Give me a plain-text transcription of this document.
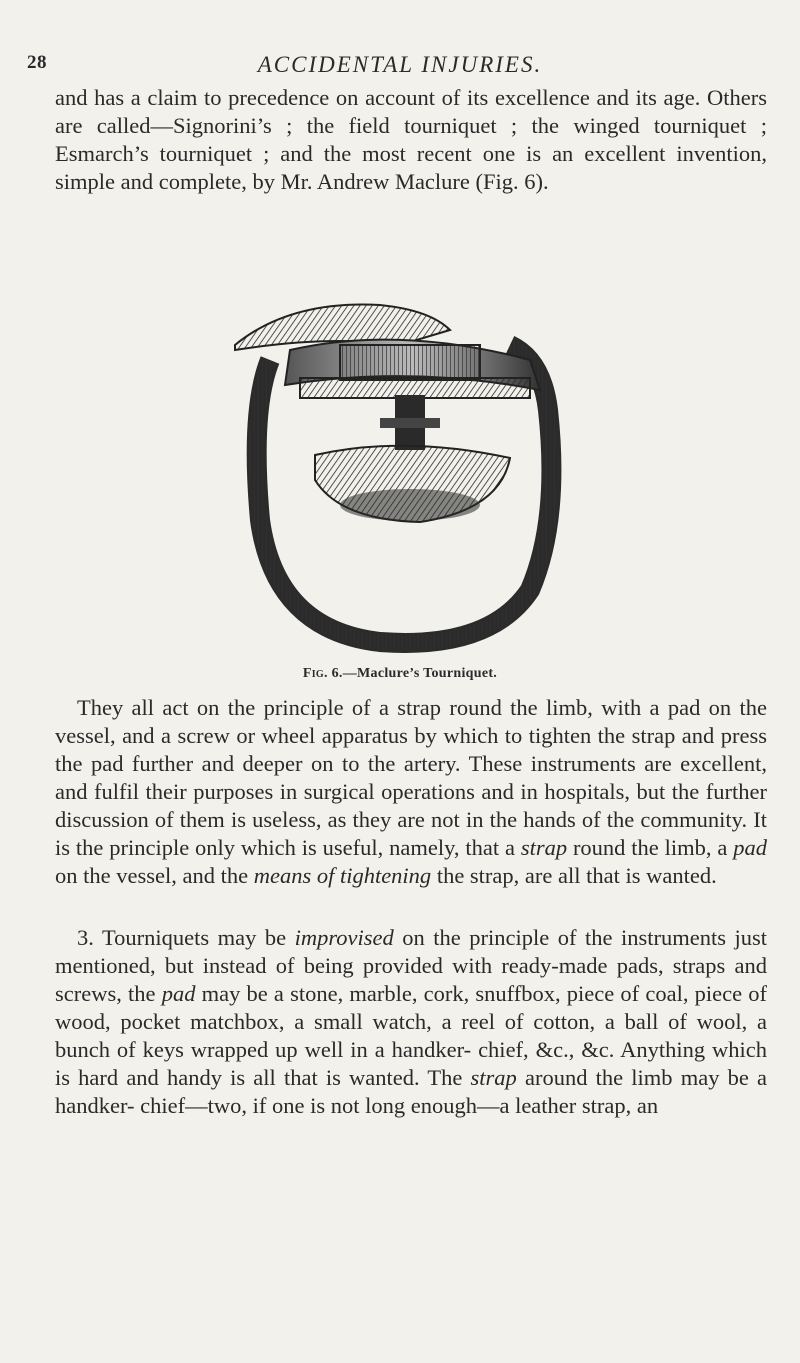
28	ACCIDENTAL INJURIES.

and has a claim to precedence on account of its excellence and its age. Others are called—Signorini’s ; the field tourniquet ; the winged tourniquet ; Esmarch’s tourniquet ; and the most recent one is an excellent invention, simple and complete, by Mr. Andrew Maclure (Fig. 6).

Fig. 6.—Maclure’s Tourniquet.

They all act on the principle of a strap round the limb, with a pad on the vessel, and a screw or wheel apparatus by which to tighten the strap and press the pad further and deeper on to the artery. These instruments are excellent, and fulfil their purposes in surgical operations and in hospitals, but the further discussion of them is useless, as they are not in the hands of the community. It is the principle only which is useful, namely, that a strap round the limb, a pad on the vessel, and the means of tightening the strap, are all that is wanted.

3. Tourniquets may be improvised on the principle of the instruments just mentioned, but instead of being provided with ready-made pads, straps and screws, the pad may be a stone, marble, cork, snuffbox, piece of coal, piece of wood, pocket matchbox, a small watch, a reel of cotton, a ball of wool, a bunch of keys wrapped up well in a handker- chief, &c., &c. Anything which is hard and handy is all that is wanted. The strap around the limb may be a handker- chief—two, if one is not long enough—a leather strap, an
